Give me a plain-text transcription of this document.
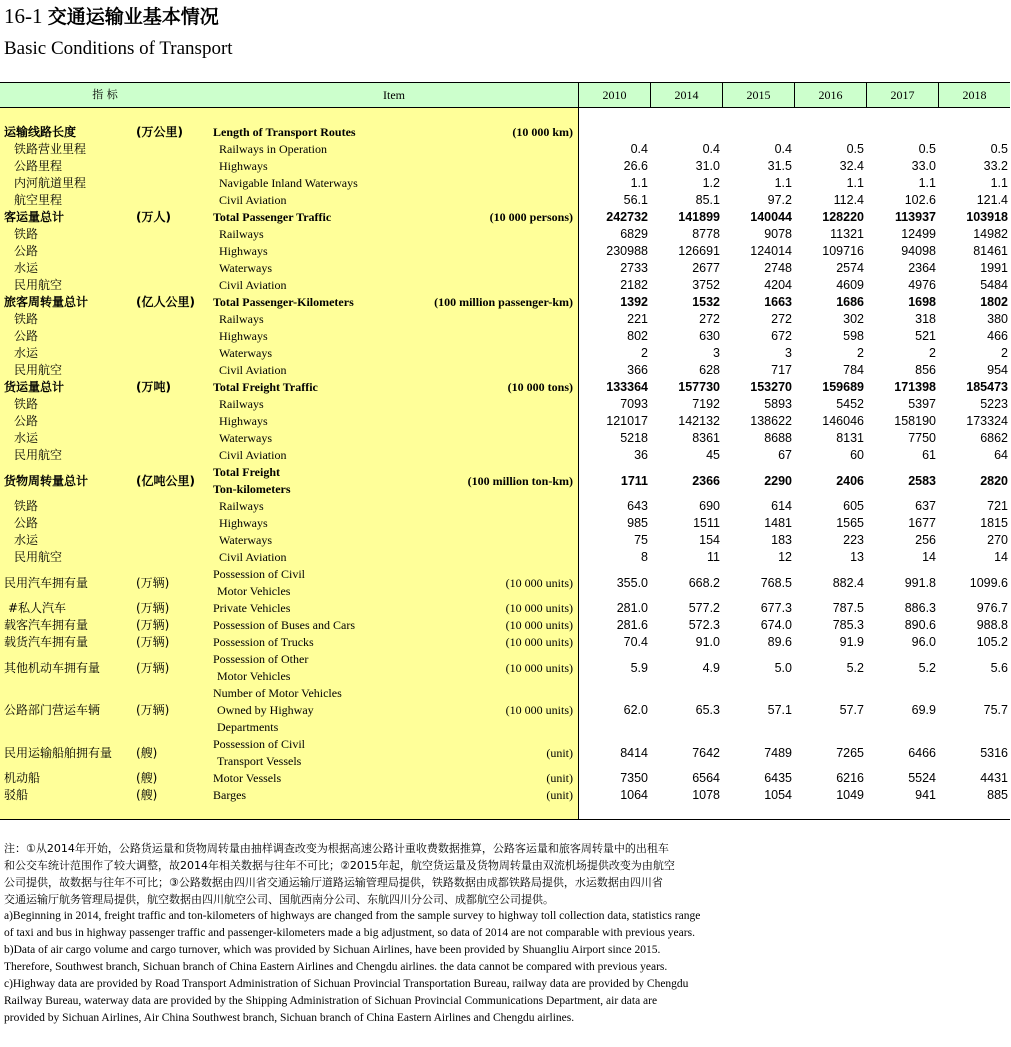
16-1 交通运输业基本情况
Basic Conditions of Transport
指 标	Item	2010	2014	2015	2016	2017	2018
运输线路长度	(万公里)	Length of Transport Routes	(10 000 km)
铁路营业里程	Railways in Operation	0.4	0.4	0.4	0.5	0.5	0.5
公路里程	Highways	26.6	31.0	31.5	32.4	33.0	33.2
内河航道里程	Navigable Inland Waterways	1.1	1.2	1.1	1.1	1.1	1.1
航空里程	Civil Aviation	56.1	85.1	97.2	112.4	102.6	121.4
客运量总计	(万人)	Total Passenger Traffic	(10 000 persons)	242732	141899	140044	128220	113937	103918
铁路	Railways	6829	8778	9078	11321	12499	14982
公路	Highways	230988	126691	124014	109716	94098	81461
水运	Waterways	2733	2677	2748	2574	2364	1991
民用航空	Civil Aviation	2182	3752	4204	4609	4976	5484
旅客周转量总计	(亿人公里) Total Passenger-Kilometers	(100 million passenger-km)	1392	1532	1663	1686	1698	1802
铁路	Railways	221	272	272	302	318	380
公路	Highways	802	630	672	598	521	466
水运	Waterways	2	3	3	2	2	2
民用航空	Civil Aviation	366	628	717	784	856	954
货运量总计	(万吨)	Total Freight Traffic	(10 000 tons)	133364	157730	153270	159689	171398	185473
铁路	Railways	7093	7192	5893	5452	5397	5223
公路	Highways	121017	142132	138622	146046	158190	173324
水运	Waterways	5218	8361	8688	8131	7750	6862
民用航空	Civil Aviation	36	45	67	60	61	64
货物周转量总计	(亿吨公里)
Total Freight
Ton-kilometers
(100 million ton-km)	1711	2366	2290	2406	2583	2820
铁路	Railways	643	690	614	605	637	721
公路	Highways	985	1511	1481	1565	1677	1815
水运	Waterways	75	154	183	223	256	270
民用航空	Civil Aviation	8	11	12	13	14	14
民用汽车拥有量	(万辆)
Possession of Civil
Motor Vehicles
(10 000 units)	355.0	668.2	768.5	882.4	991.8	1099.6
#私人汽车	(万辆)	Private Vehicles	(10 000 units)	281.0	577.2	677.3	787.5	886.3	976.7
载客汽车拥有量	(万辆)	Possession of Buses and Cars	(10 000 units)	281.6	572.3	674.0	785.3	890.6	988.8
载货汽车拥有量	(万辆)	Possession of Trucks	(10 000 units)	70.4	91.0	89.6	91.9	96.0	105.2
其他机动车拥有量	(万辆)
Possession of Other
Motor Vehicles
(10 000 units)	5.9	4.9	5.0	5.2	5.2	5.6
公路部门营运车辆	(万辆)
Number of Motor Vehicles
Owned by Highway
Departments
(10 000 units)	62.0	65.3	57.1	57.7	69.9	75.7
民用运输船舶拥有量 (艘)
Possession of Civil
Transport Vessels
(unit)	8414	7642	7489	7265	6466	5316
机动船	(艘)	Motor Vessels	(unit)	7350	6564	6435	6216	5524	4431
驳船	(艘)	Barges	(unit)	1064	1078	1054	1049	941	885

注：①从2014年开始，公路货运量和货物周转量由抽样调查改变为根据高速公路计重收费数据推算，公路客运量和旅客周转量中的出租车

和公交车统计范围作了较大调整，故2014年相关数据与往年不可比；②2015年起，航空货运量及货物周转量由双流机场提供改变为由航空

公司提供，故数据与往年不可比；③公路数据由四川省交通运输厅道路运输管理局提供，铁路数据由成都铁路局提供，水运数据由四川省

交通运输厅航务管理局提供，航空数据由四川航空公司、国航西南分公司、东航四川分公司、成都航空公司提供。

a)Beginning in 2014, freight traffic and ton-kilometers of highways are changed from the sample survey to highway toll collection data, statistics range

of taxi and bus in highway passenger traffic and passenger-kilometers made a big adjustment, so data of 2014 are not comparable with previous years.

b)Data of air cargo volume and cargo turnover, which was provided by Sichuan Airlines, have been provided by Shuangliu Airport since 2015.

Therefore, Southwest branch, Sichuan branch of China Eastern Airlines and Chengdu airlines. the data cannot be compared with previous years.

c)Highway data are provided by Road Transport Administration of Sichuan Provincial Transportation Bureau, railway data are provided by Chengdu

Railway Bureau, waterway data are provided by the Shipping Administration of Sichuan Provincial Communications Department, air data are

provided by Sichuan Airlines, Air China Southwest branch, Sichuan branch of China Eastern Airlines and Chengdu airlines.
